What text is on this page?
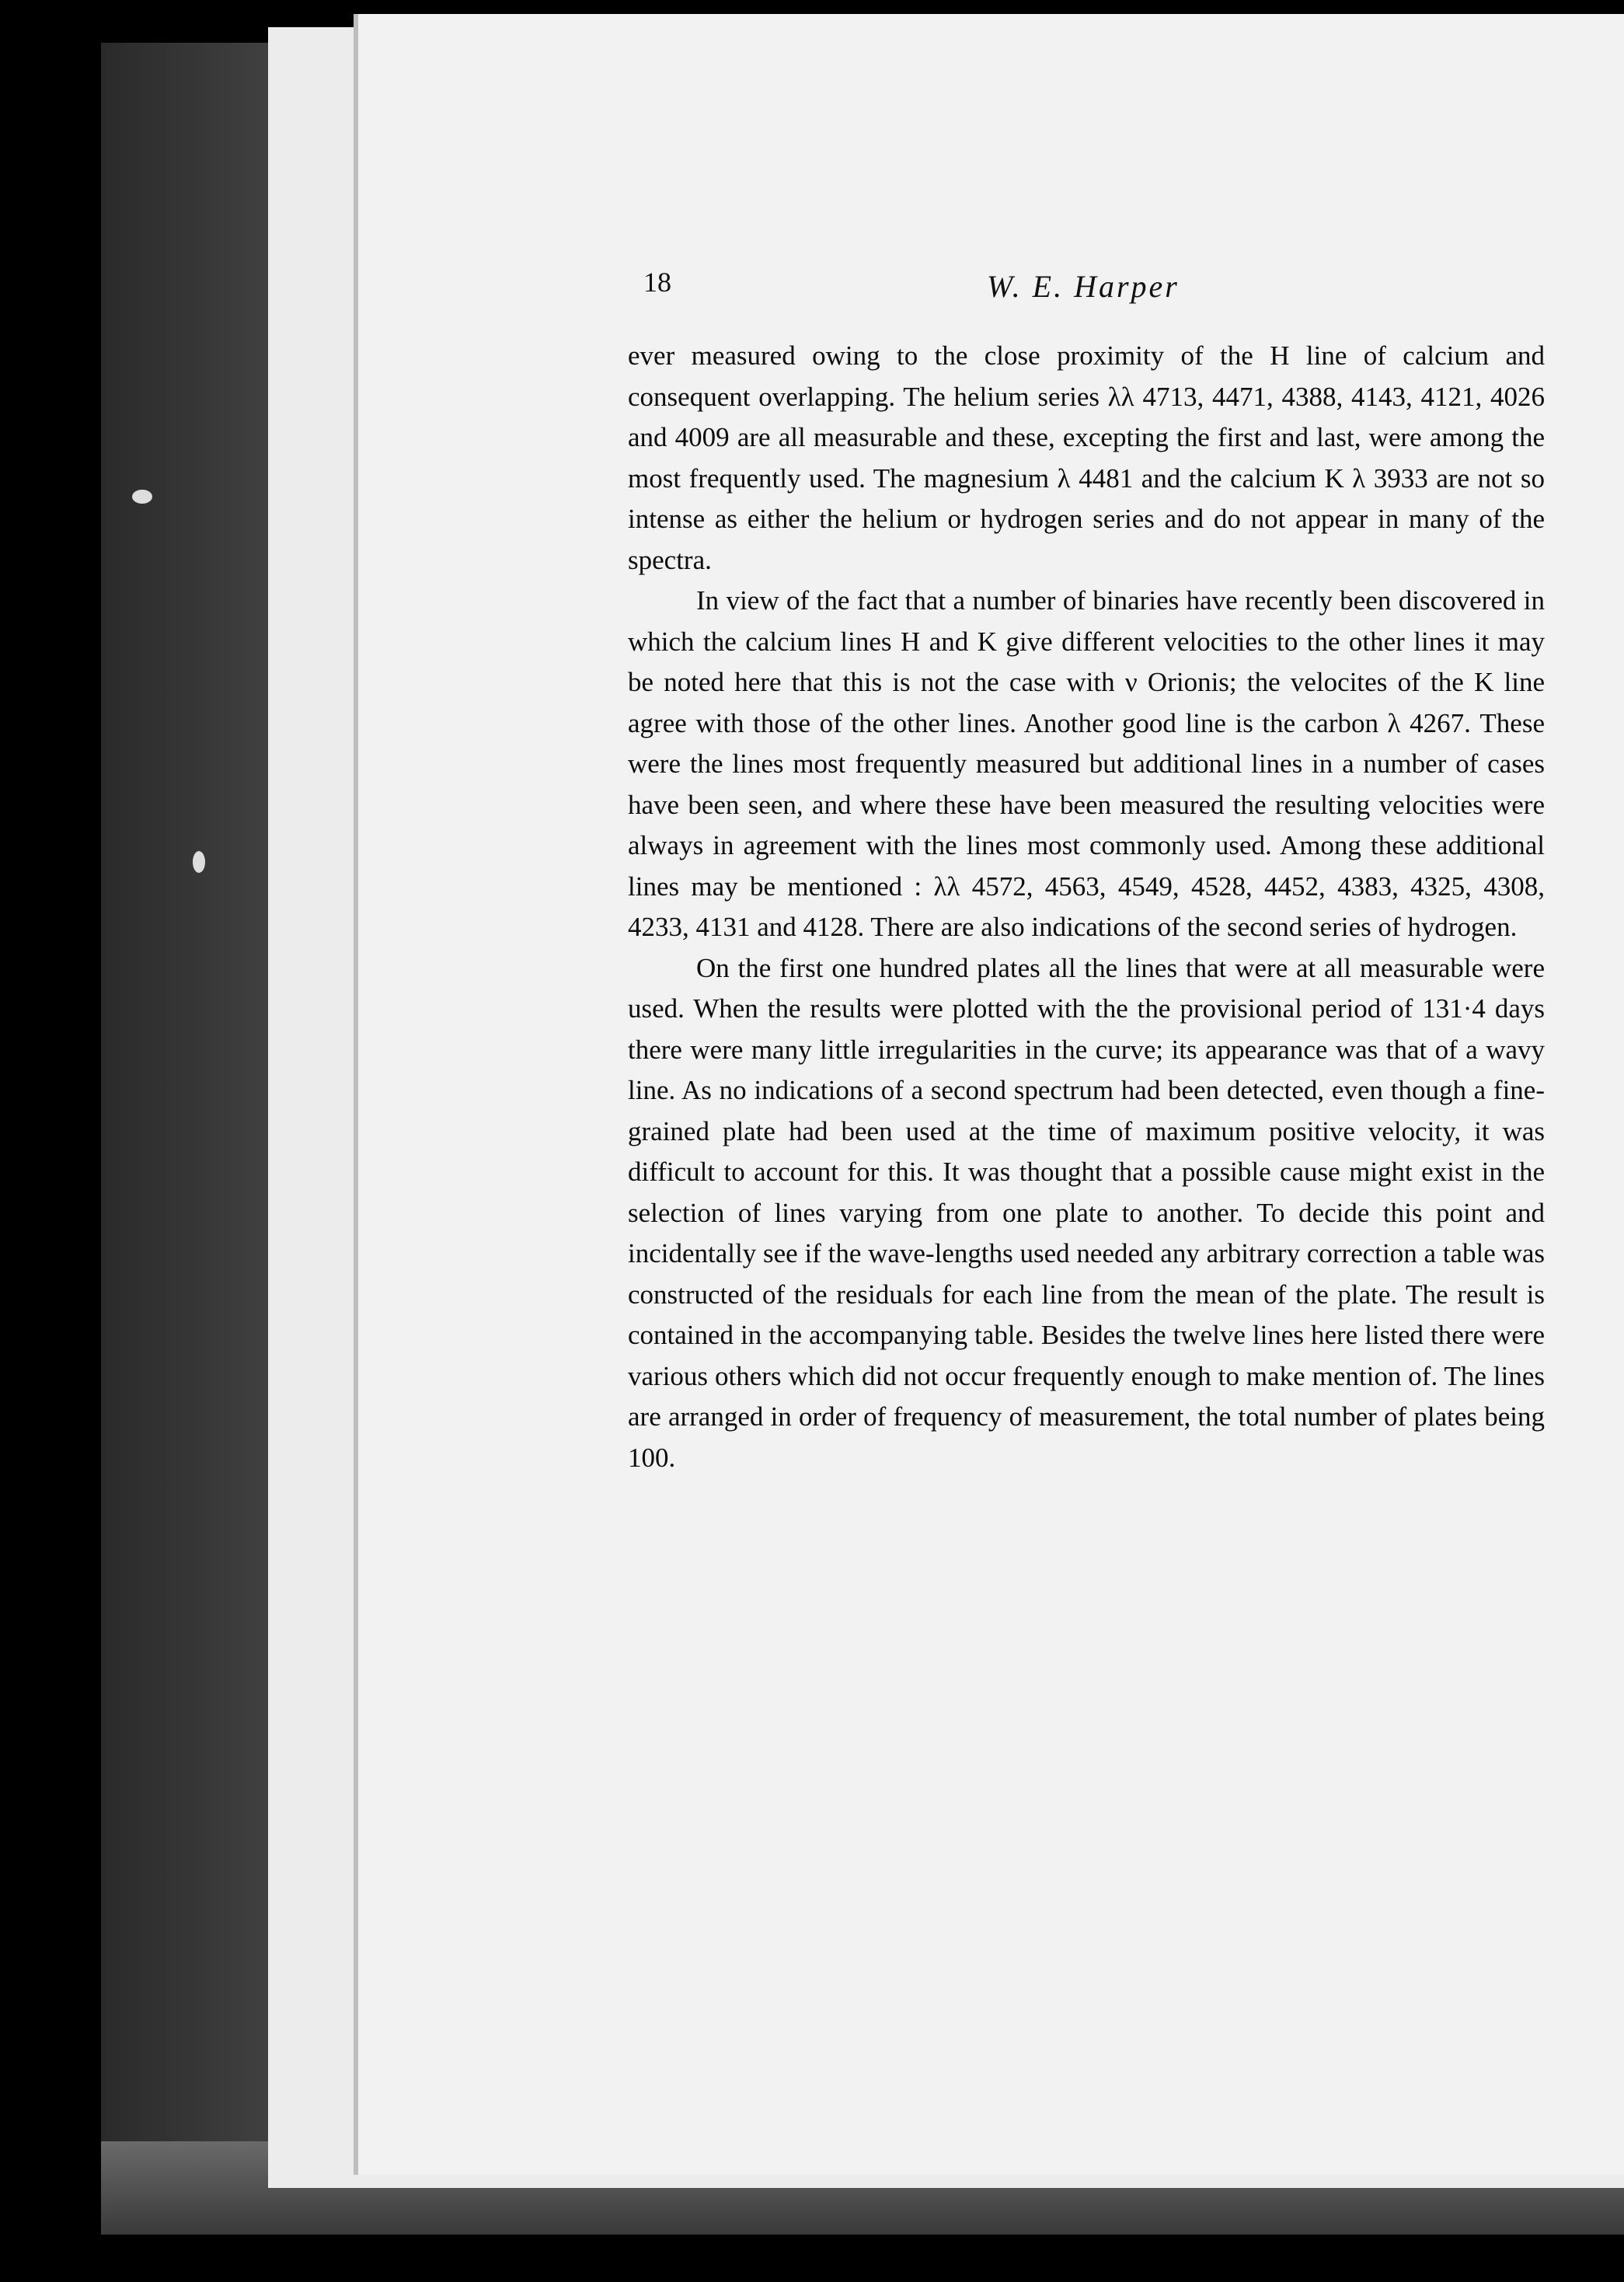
18	W. E. Harper

ever measured owing to the close proximity of the H line of calcium and consequent overlapping. The helium series λλ 4713, 4471, 4388, 4143, 4121, 4026 and 4009 are all measurable and these, excepting the first and last, were among the most frequently used. The magnesium λ 4481 and the calcium K λ 3933 are not so intense as either the helium or hydrogen series and do not appear in many of the spectra.

In view of the fact that a number of binaries have recently been discovered in which the calcium lines H and K give different velocities to the other lines it may be noted here that this is not the case with ν Orionis; the velocites of the K line agree with those of the other lines. Another good line is the carbon λ 4267. These were the lines most frequently measured but additional lines in a number of cases have been seen, and where these have been measured the resulting velocities were always in agreement with the lines most commonly used. Among these additional lines may be mentioned : λλ 4572, 4563, 4549, 4528, 4452, 4383, 4325, 4308, 4233, 4131 and 4128. There are also indications of the second series of hydrogen.

On the first one hundred plates all the lines that were at all measurable were used. When the results were plotted with the the provisional period of 131·4 days there were many little irregularities in the curve; its appearance was that of a wavy line. As no indications of a second spectrum had been detected, even though a fine-grained plate had been used at the time of maximum positive velocity, it was difficult to account for this. It was thought that a possible cause might exist in the selection of lines varying from one plate to another. To decide this point and incidentally see if the wave-lengths used needed any arbitrary correction a table was constructed of the residuals for each line from the mean of the plate. The result is contained in the accompanying table. Besides the twelve lines here listed there were various others which did not occur frequently enough to make mention of. The lines are arranged in order of frequency of measurement, the total number of plates being 100.
